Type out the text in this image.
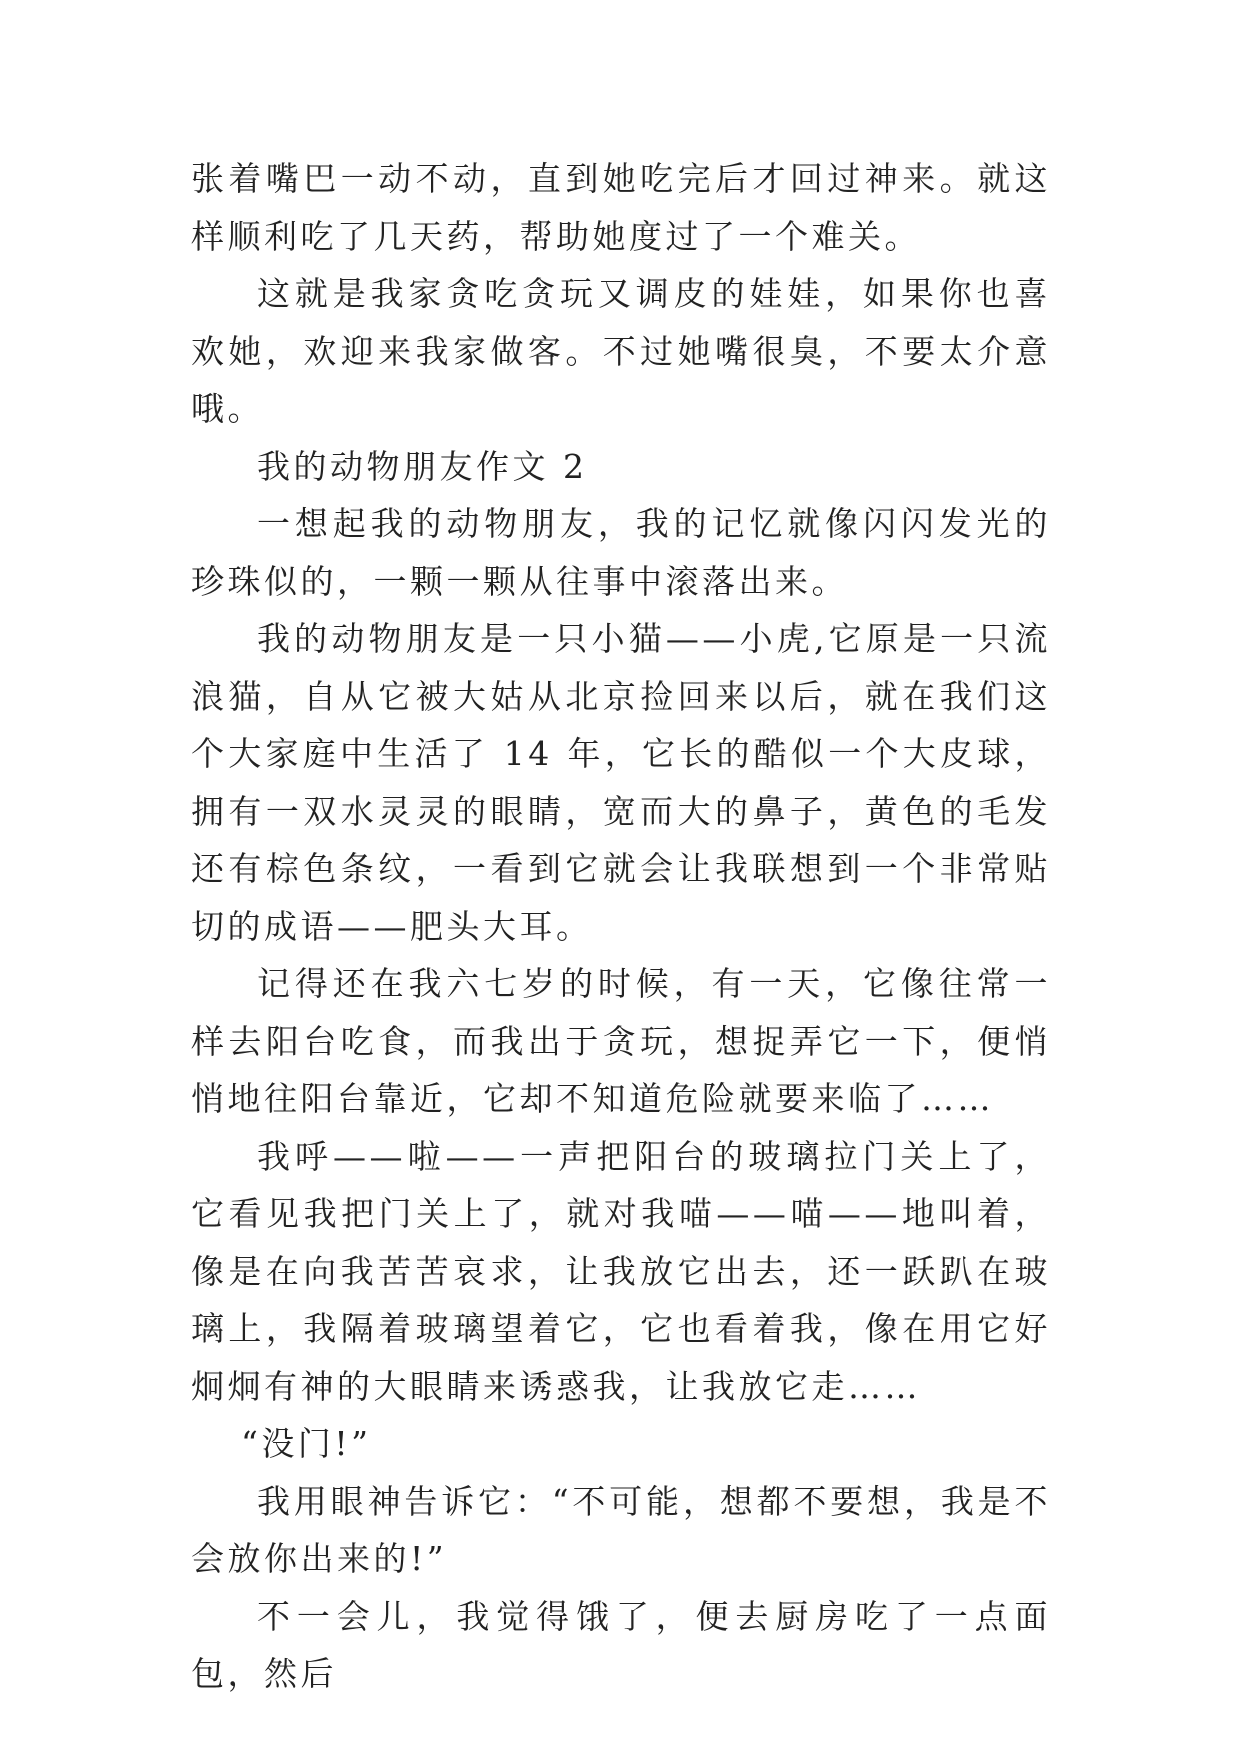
张着嘴巴一动不动，直到她吃完后才回过神来。就这样顺利吃了几天药，帮助她度过了一个难关。

这就是我家贪吃贪玩又调皮的娃娃，如果你也喜欢她，欢迎来我家做客。不过她嘴很臭，不要太介意哦。

我的动物朋友作文 2

一想起我的动物朋友，我的记忆就像闪闪发光的珍珠似的，一颗一颗从往事中滚落出来。

我的动物朋友是一只小猫——小虎,它原是一只流浪猫，自从它被大姑从北京捡回来以后，就在我们这个大家庭中生活了 14 年，它长的酷似一个大皮球，拥有一双水灵灵的眼睛，宽而大的鼻子，黄色的毛发还有棕色条纹，一看到它就会让我联想到一个非常贴切的成语——肥头大耳。

记得还在我六七岁的时候，有一天，它像往常一样去阳台吃食，而我出于贪玩，想捉弄它一下，便悄悄地往阳台靠近，它却不知道危险就要来临了……

我呼——啦——一声把阳台的玻璃拉门关上了，它看见我把门关上了，就对我喵——喵——地叫着，像是在向我苦苦哀求，让我放它出去，还一跃趴在玻璃上，我隔着玻璃望着它，它也看着我，像在用它好炯炯有神的大眼睛来诱惑我，让我放它走……

“没门!”

我用眼神告诉它：“不可能，想都不要想，我是不会放你出来的!”

不一会儿，我觉得饿了，便去厨房吃了一点面包，然后
